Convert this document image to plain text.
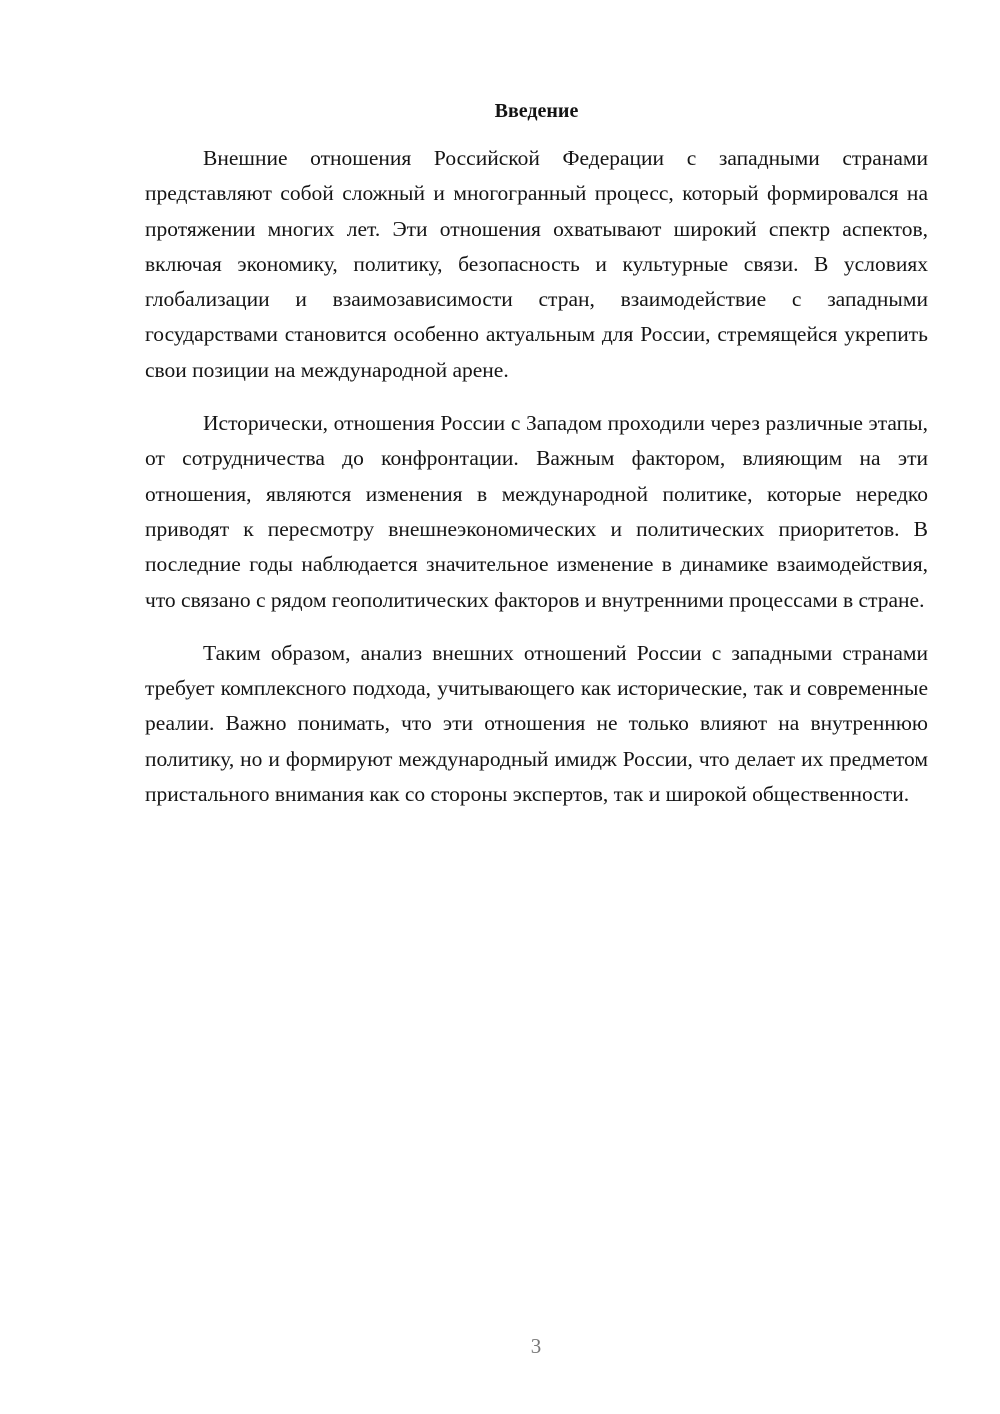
Введение

Внешние отношения Российской Федерации с западными странами представляют собой сложный и многогранный процесс, который формировался на протяжении многих лет. Эти отношения охватывают широкий спектр аспектов, включая экономику, политику, безопасность и культурные связи. В условиях глобализации и взаимозависимости стран, взаимодействие с западными государствами становится особенно актуальным для России, стремящейся укрепить свои позиции на международной арене.

Исторически, отношения России с Западом проходили через различные этапы, от сотрудничества до конфронтации. Важным фактором, влияющим на эти отношения, являются изменения в международной политике, которые нередко приводят к пересмотру внешнеэкономических и политических приоритетов. В последние годы наблюдается значительное изменение в динамике взаимодействия, что связано с рядом геополитических факторов и внутренними процессами в стране.

Таким образом, анализ внешних отношений России с западными странами требует комплексного подхода, учитывающего как исторические, так и современные реалии. Важно понимать, что эти отношения не только влияют на внутреннюю политику, но и формируют международный имидж России, что делает их предметом пристального внимания как со стороны экспертов, так и широкой общественности.

3
